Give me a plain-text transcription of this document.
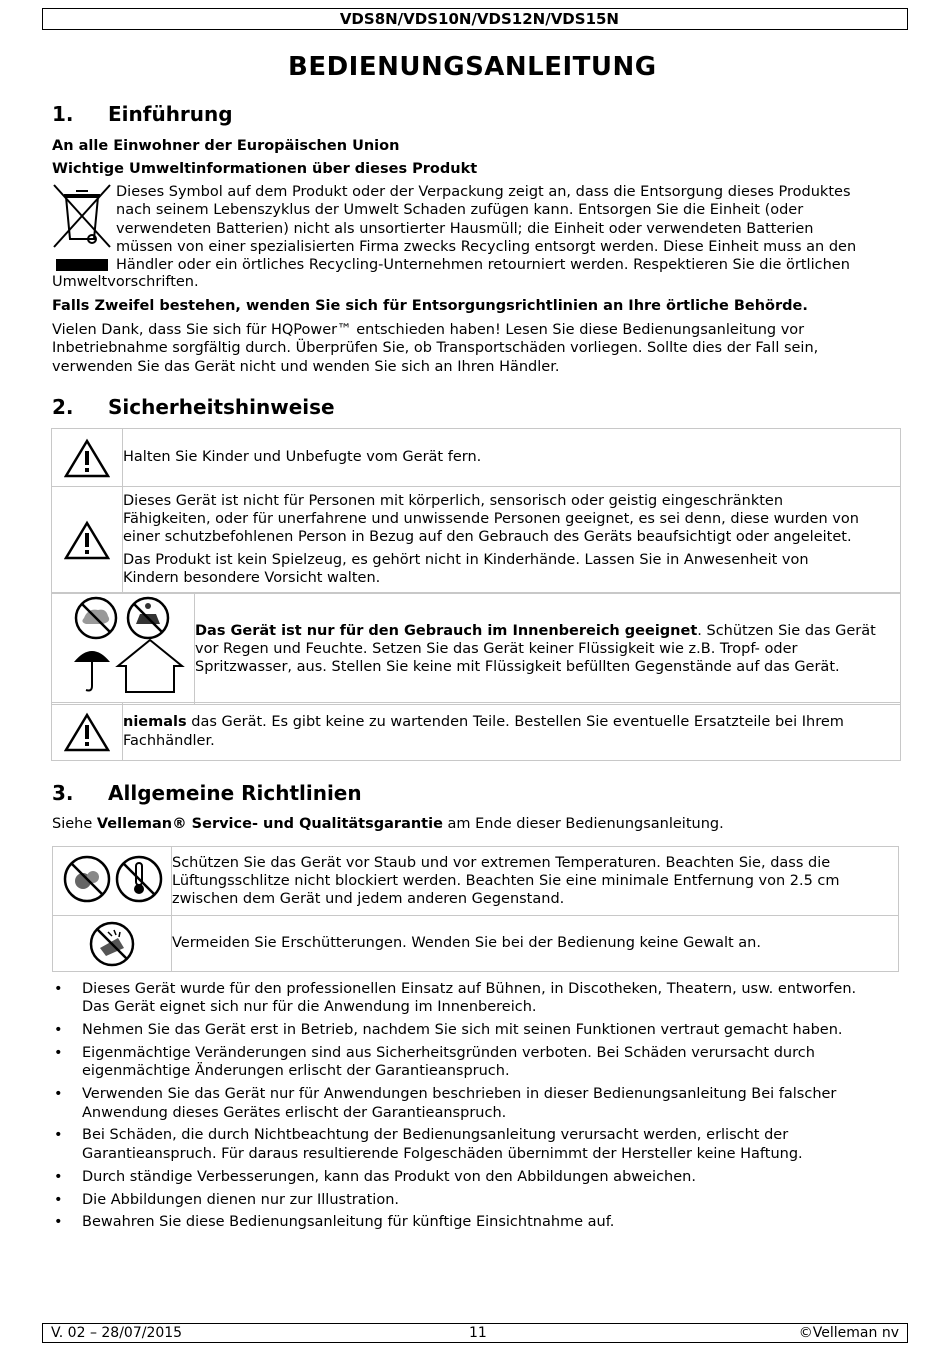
VDS8N/VDS10N/VDS12N/VDS15N
BEDIENUNGSANLEITUNG
1. Einführung
An alle Einwohner der Europäischen Union
Wichtige Umweltinformationen über dieses Produkt

Dieses Symbol auf dem Produkt oder der Verpackung zeigt an, dass die Entsorgung dieses Produktes

nach seinem Lebenszyklus der Umwelt Schaden zufügen kann. Entsorgen Sie die Einheit (oder

verwendeten Batterien) nicht als unsortierter Hausmüll; die Einheit oder verwendeten Batterien

müssen von einer spezialisierten Firma zwecks Recycling entsorgt werden. Diese Einheit muss an den

Händler oder ein örtliches Recycling-Unternehmen retourniert werden. Respektieren Sie die örtlichen

Umweltvorschriften.
Falls Zweifel bestehen, wenden Sie sich für Entsorgungsrichtlinien an Ihre örtliche Behörde.

Vielen Dank, dass Sie sich für HQPower™ entschieden haben! Lesen Sie diese Bedienungsanleitung vor

Inbetriebnahme sorgfältig durch. Überprüfen Sie, ob Transportschäden vorliegen. Sollte dies der Fall sein,

verwenden Sie das Gerät nicht und wenden Sie sich an Ihren Händler.

2. Sicherheitshinweise

Halten Sie Kinder und Unbefugte vom Gerät fern.

Dieses Gerät ist nicht für Personen mit körperlich, sensorisch oder geistig eingeschränkten
Fähigkeiten, oder für unerfahrene und unwissende Personen geeignet, es sei denn, diese wurden von
einer schutzbefohlenen Person in Bezug auf den Gebrauch des Geräts beaufsichtigt oder angeleitet.

Das Produkt ist kein Spielzeug, es gehört nicht in Kinderhände. Lassen Sie in Anwesenheit von
Kindern besondere Vorsicht walten.

Das Gerät ist nur für den Gebrauch im Innenbereich geeignet. Schützen Sie das Gerät
vor Regen und Feuchte. Setzen Sie das Gerät keiner Flüssigkeit wie z.B. Tropf- oder
Spritzwasser, aus. Stellen Sie keine mit Flüssigkeit befüllten Gegenstände auf das Gerät.

niemals das Gerät. Es gibt keine zu wartenden Teile. Bestellen Sie eventuelle Ersatzteile bei Ihrem
Fachhändler.

3. Allgemeine Richtlinien
Siehe Velleman® Service- und Qualitätsgarantie am Ende dieser Bedienungsanleitung.

Schützen Sie das Gerät vor Staub und vor extremen Temperaturen. Beachten Sie, dass die
Lüftungsschlitze nicht blockiert werden. Beachten Sie eine minimale Entfernung von 2.5 cm
zwischen dem Gerät und jedem anderen Gegenstand.

Vermeiden Sie Erschütterungen. Wenden Sie bei der Bedienung keine Gewalt an.

• Dieses Gerät wurde für den professionellen Einsatz auf Bühnen, in Discotheken, Theatern, usw. entworfen.
Das Gerät eignet sich nur für die Anwendung im Innenbereich.
• Nehmen Sie das Gerät erst in Betrieb, nachdem Sie sich mit seinen Funktionen vertraut gemacht haben.
• Eigenmächtige Veränderungen sind aus Sicherheitsgründen verboten. Bei Schäden verursacht durch
eigenmächtige Änderungen erlischt der Garantieanspruch.
• Verwenden Sie das Gerät nur für Anwendungen beschrieben in dieser Bedienungsanleitung Bei falscher
Anwendung dieses Gerätes erlischt der Garantieanspruch.
• Bei Schäden, die durch Nichtbeachtung der Bedienungsanleitung verursacht werden, erlischt der
Garantieanspruch. Für daraus resultierende Folgeschäden übernimmt der Hersteller keine Haftung.
• Durch ständige Verbesserungen, kann das Produkt von den Abbildungen abweichen.
• Die Abbildungen dienen nur zur Illustration.
• Bewahren Sie diese Bedienungsanleitung für künftige Einsichtnahme auf.
V. 02 – 28/07/2015	11	©Velleman nv
